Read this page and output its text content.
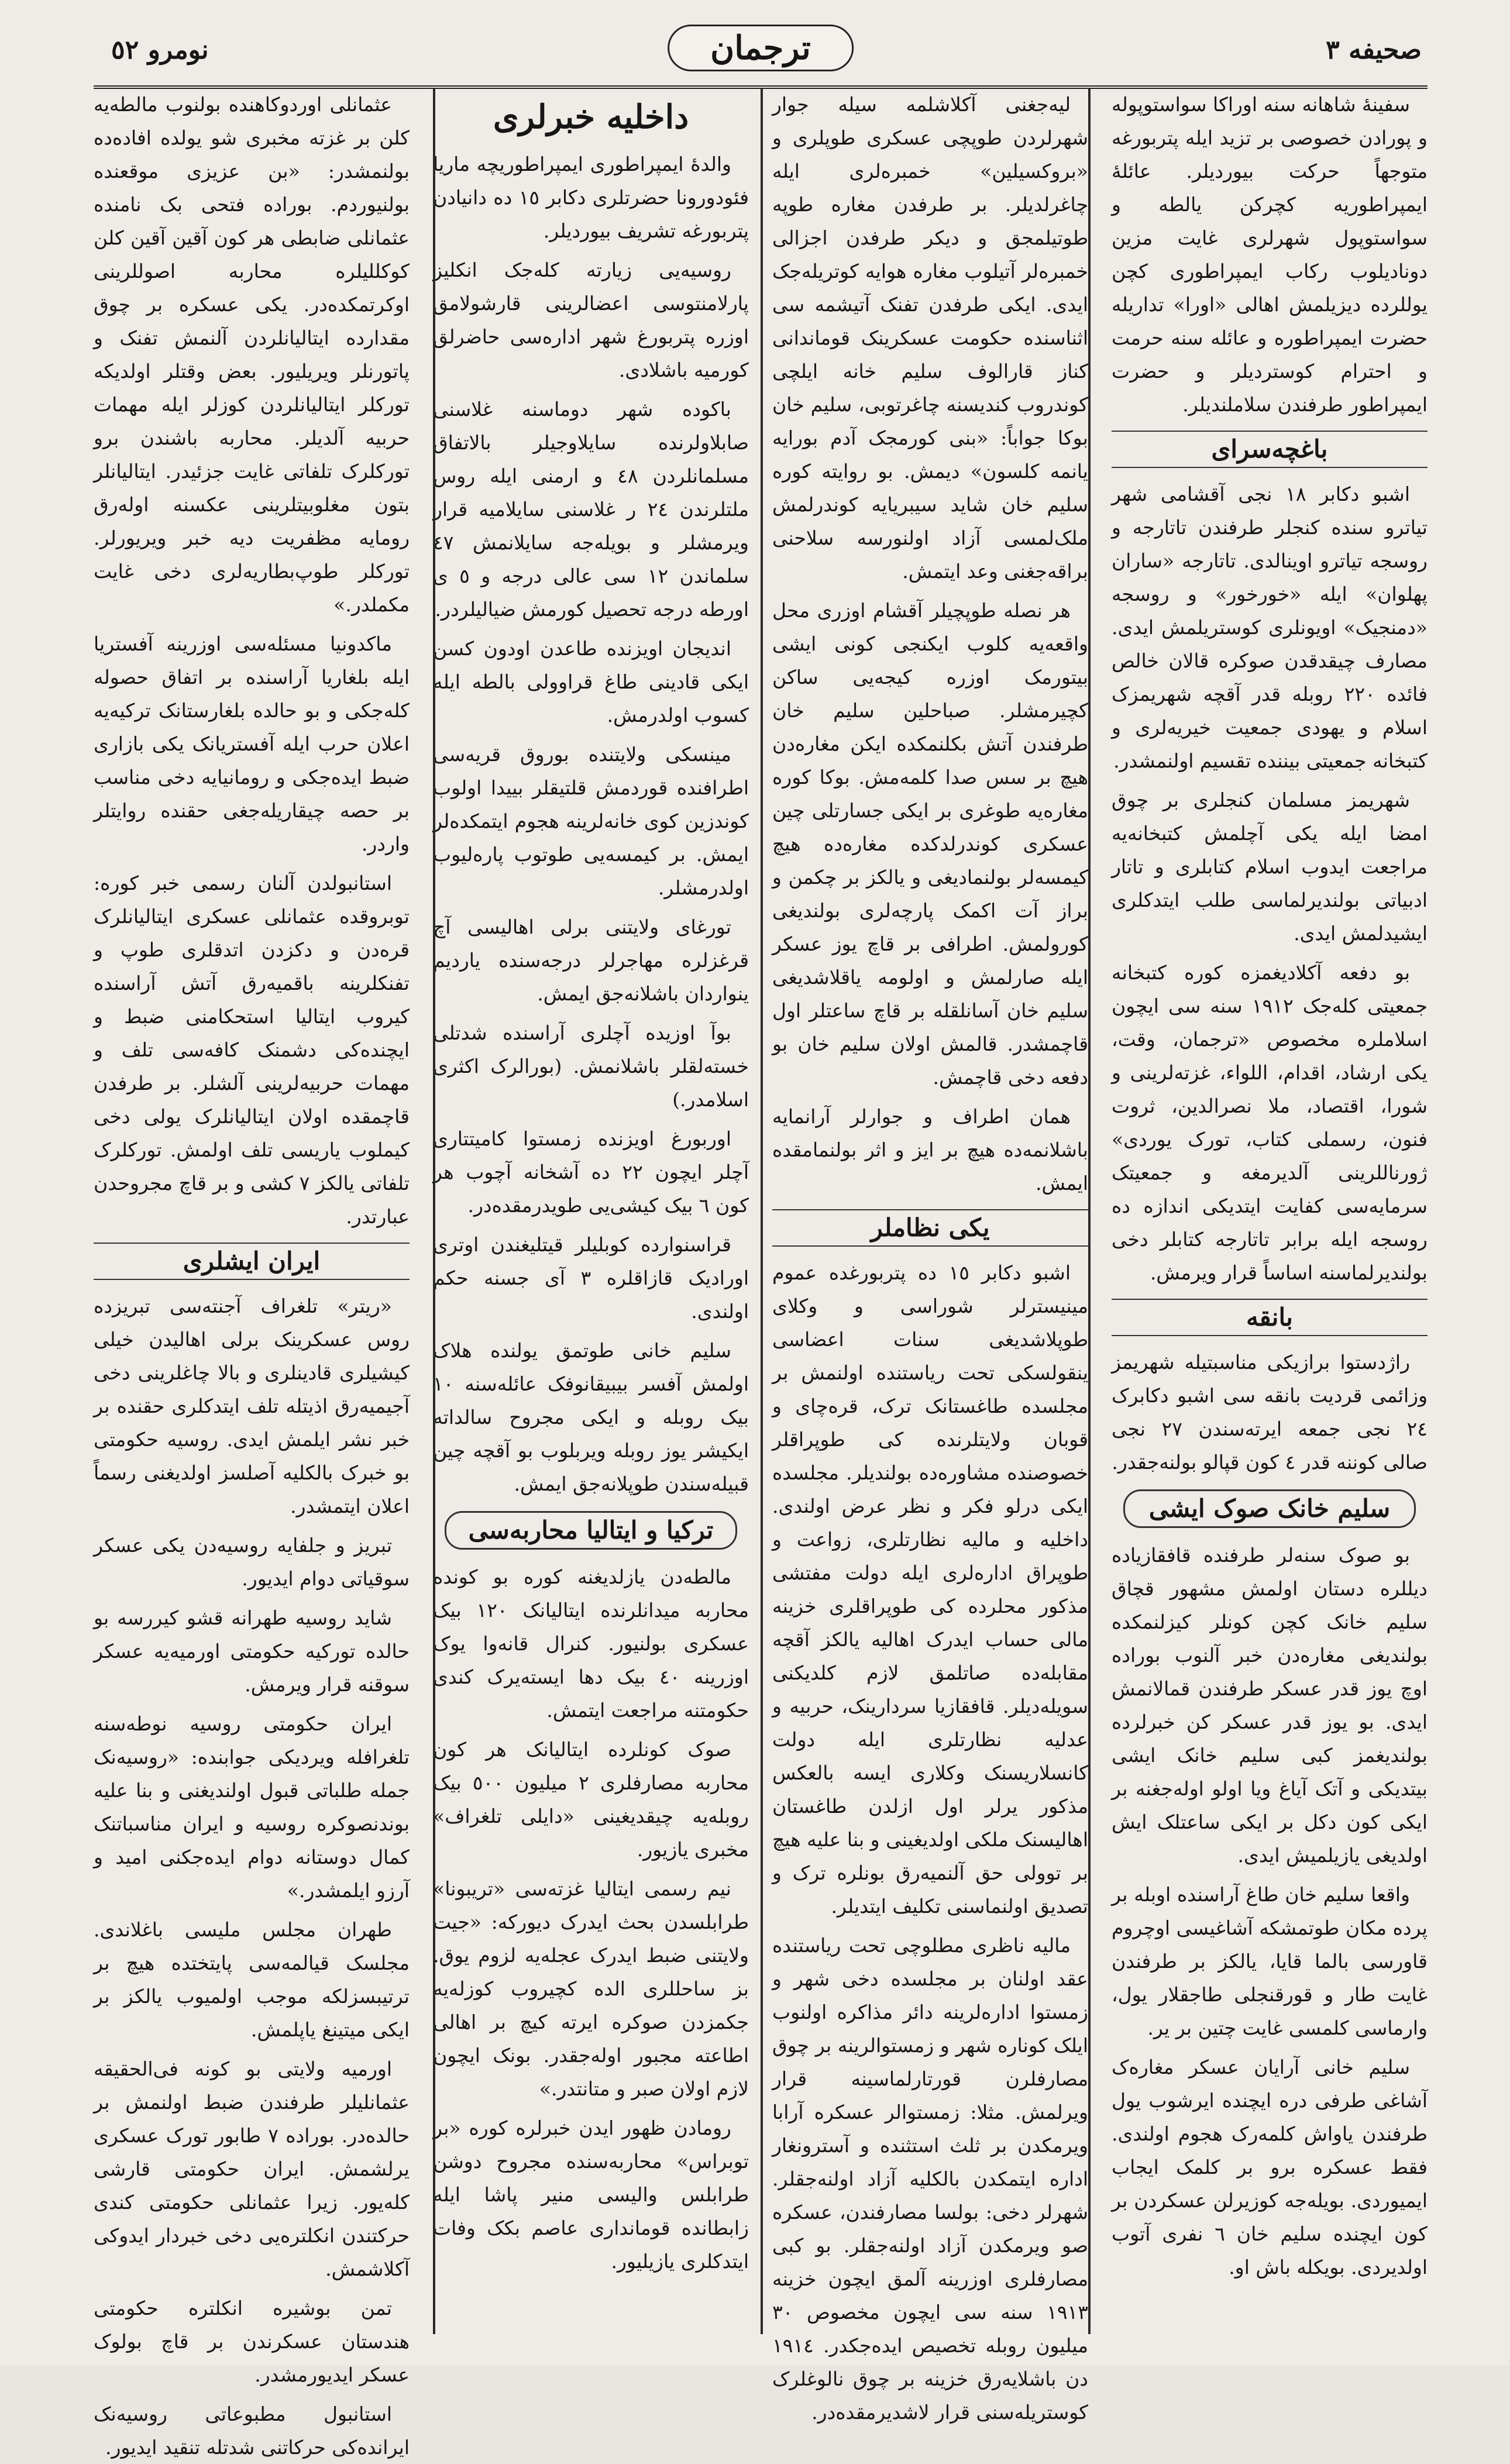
نومرو ٥٢	ترجمان	صحیفه ٣

سفینهٔ شاهانه سنه اوراکا سواستوپوله و پورادن خصوصی بر تزید ایله پتربورغه متوجهاً حرکت بیوردیلر. عائلهٔ ایمپراطوریه کچرکن یالطه و سواستوپول شهرلری غایت مزین دونادیلوب رکاب ایمپراطوری کچن یوللرده دیزیلمش اهالی «اورا» تداریله حضرت ایمپراطوره و عائله سنه حرمت و احترام کوستردیلر و حضرت ایمپراطور طرفندن سلاملندیلر.

باغچه‌سرای

اشبو دکابر ١٨ نجی آقشامی شهر تیاترو سنده کنجلر طرفندن تاتارجه و روسجه تیاترو اوینالدی. تاتارجه «ساران پهلوان» ایله «خورخور» و روسجه «دمنجیک» اویونلری کوستریلمش ایدی. مصارف چیقدقدن صوکره قالان خالص فائده ٢٢٠ روبله قدر آقچه شهریمزک اسلام و یهودی جمعیت خیریه‌لری و کتبخانه جمعیتی بیننده تقسیم اولنمشدر.

شهریمز مسلمان کنجلری بر چوق امضا ایله یکی آچلمش کتبخانه‌یه مراجعت ایدوب اسلام کتابلری و تاتار ادبیاتی بولندیرلماسی طلب ایتدکلری ایشیدلمش ایدی.

بو دفعه آکلادیغمزه کوره کتبخانه جمعیتی کله‌جک ١٩١٢ سنه سی ایچون اسلاملره مخصوص «ترجمان، وقت، یکی ارشاد، اقدام، اللواء، غزته‌لرینی و شورا، اقتصاد، ملا نصرالدین، ثروت فنون، رسملی کتاب، تورک یوردی» ژورناللرینی آلدیرمغه و جمعیتک سرمایه‌سی کفایت ایتدیکی اندازه ده روسجه ایله برابر تاتارجه کتابلر دخی بولندیرلماسنه اساساً قرار ویرمش.

بانقه

راژدستوا برازیکی مناسبتیله شهریمز وزائمی قردیت بانقه سی اشبو دکابرک ٢٤ نجی جمعه ایرته‌سندن ٢٧ نجی صالی کوننه قدر ٤ کون قپالو بولنه‌جقدر.

سلیم خانک صوک ایشی

بو صوک سنه‌لر طرفنده قافقازیاده دیللره دستان اولمش مشهور قچاق سلیم خانک کچن کونلر کیزلنمکده بولندیغی مغاره‌دن خبر آلنوب بوراده اوچ یوز قدر عسکر طرفندن قمالانمش ایدی. بو یوز قدر عسکر کن خبرلرده بولندیغمز کبی سلیم خانک ایشی بیتدیکی و آتک آیاغ ویا اولو اوله‌جغنه بر ایکی کون دکل بر ایکی ساعتلک ایش اولدیغی یازیلمیش ایدی.

واقعا سلیم خان طاغ آراسنده اوبله بر پرده مکان طوتمشکه آشاغیسی اوچروم قاورسی بالما قایا، یالکز بر طرفندن غایت طار و قورقنجلی طاجقلار یول، وارماسی کلمسی غایت چتین بر یر.

سلیم خانی آرایان عسکر مغاره‌ک آشاغی طرفی دره ایچنده ایرشوب یول طرفندن یاواش کلمه‌رک هجوم اولندی. فقط عسکره برو بر کلمک ایجاب ایمیوردی. بویله‌جه کوزیرلن عسکردن بر کون ایچنده سلیم خان ٦ نفری آتوب اولدیردی. بویکله باش او.

لیه‌جغنی آکلاشلمه سیله جوار شهرلردن طوپچی عسکری طوپلری و «بروکسیلین» خمبره‌لری ایله چاغرلدیلر. بر طرفدن مغاره طوپه طوتیلمجق و دیکر طرفدن اجزالی خمبره‌لر آتیلوب مغاره هوایه کوتریله‌جک ایدی. ایکی طرفدن تفنک آتیشمه سی اثناسنده حکومت عسکرینک قوماندانی کناز قارالوف سلیم خانه ایلچی کوندروب کندیسنه چاغرتوبی، سلیم خان بوکا جواباً: «بنی کورمجک آدم بورایه یانمه کلسون» دیمش. بو روایته کوره سلیم خان شاید سیبریایه کوندرلمش ملک‌لمسی آزاد اولنورسه سلاحنی براقه‌جغنی وعد ایتمش.

هر نصله طوپچیلر آقشام اوزری محل واقعه‌یه کلوب ایکنجی کونی ایشی بیتورمک اوزره کیجه‌یی ساکن کچیرمشلر. صباحلین سلیم خان طرفندن آتش بکلنمکده ایکن مغاره‌دن هیچ بر سس صدا کلمه‌مش. بوکا کوره مغاره‌یه طوغری بر ایکی جسارتلی چین عسکری کوندرلدکده مغاره‌ده هیچ کیمسه‌لر بولنمادیغی و یالکز بر چکمن و براز آت اکمک پارچه‌لری بولندیغی کورولمش. اطرافی بر قاچ یوز عسکر ایله صارلمش و اولومه یاقلاشدیغی سلیم خان آسانلقله بر قاچ ساعتلر اول قاچمشدر. قالمش اولان سلیم خان بو دفعه دخی قاچمش.

همان اطراف و جوارلر آرانمایه باشلانمه‌ده هیچ بر ایز و اثر بولنمامقده ایمش.

یکی نظاملر

اشبو دکابر ١٥ ده پتربورغده عموم مینیسترلر شوراسی و وکلای طوپلاشدیغی سنات اعضاسی ینقولسکی تحت ریاستنده اولنمش بر مجلسده طاغستانک ترک، قره‌چای و قوبان ولایتلرنده کی طوپراقلر خصوصنده مشاوره‌ده بولندیلر. مجلسده ایکی درلو فکر و نظر عرض اولندی. داخلیه و مالیه نظارتلری، زواعت و طوپراق اداره‌لری ایله دولت مفتشی مذکور محلرده کی طوپراقلری خزینه مالی حساب ایدرک اهالیه یالکز آقچه مقابله‌ده صاتلمق لازم کلدیکنی سویله‌دیلر. قافقازیا سردارینک، حربیه و عدلیه نظارتلری ایله دولت کانسلاریسنک وکلاری ایسه بالعکس مذکور یرلر اول ازلدن طاغستان اهالیسنک ملکی اولدیغینی و بنا علیه هیچ بر توولی حق آلنمیه‌رق بونلره ترک و تصدیق اولنماسنی تکلیف ایتدیلر.

مالیه ناظری مطلوچی تحت ریاستنده عقد اولنان بر مجلسده دخی شهر و زمستوا اداره‌لرینه دائر مذاکره اولنوب ایلک کوناره شهر و زمستوالرینه بر چوق مصارفلرن قورتارلماسینه قرار ویرلمش. مثلا: زمستوالر عسکره آرابا ویرمکدن بر ثلث استثنده و آسترونغار اداره ایتمکدن بالکلیه آزاد اولنه‌جقلر. شهرلر دخی: بولسا مصارفندن، عسکره صو ویرمکدن آزاد اولنه‌جقلر. بو کبی مصارفلری اوزرینه آلمق ایچون خزینه ١٩١٣ سنه سی ایچون مخصوص ٣٠ میلیون روبله تخصیص ایده‌جکدر. ١٩١٤ دن باشلایه‌رق خزینه بر چوق نالوغلرک کوستریله‌سنی قرار لاشدیرمقده‌در.

داخلیه خبرلری

والدهٔ ایمپراطوری ایمپراطوریچه ماریا فئودورونا حضرتلری دکابر ١٥ ده دانیادن پتربورغه تشریف بیوردیلر.

روسیه‌یی زیارته کله‌جک انکلیز پارلامنتوسی اعضالرینی قارشو‌لامق اوزره پتربورغ شهر اداره‌سی حاضرلق کورمیه باشلادی.

باکوده شهر دوماسنه غلاسنی صابلاولرنده سایلاوجیلر بالاتفاق مسلمانلردن ٤٨ و ارمنی ایله روس ملتلرندن ٢٤ ر غلاسنی سایلامیه قرار ویرمشلر و بویله‌جه سایلانمش ٤٧ سلماندن ١٢ سی عالی درجه و ٥ ی اورطه درجه تحصیل کورمش ضیالیلردر.

اندیجان اویزنده طاعدن اودون کسن ایکی قادینی طاغ قراوولی بالطه ایله کسوب اولدرمش.

مینسکی ولایتنده بوروق قریه‌سی اطرافنده قوردمش قلتیقلر بییدا اولوب کوندزین کوی خانه‌لرینه هجوم ایتمکده‌لر ایمش. بر کیمسه‌یی طوتوب پاره‌لیوب اولدرمشلر.

تورغای ولایتنی برلی اهالیسی آچ قرغزلره مهاجرلر درجه‌سنده یاردیم ینواردان باشلانه‌جق ایمش.

بوآ اوزیده آچلری آراسنده شدتلی خسته‌لقلر باشلانمش. (بورالرک اکثری اسلامدر.)

اوربورغ اویزنده زمستوا کامیتتاری آچلر ایچون ٢٢ ده آشخانه آچوب هر کون ٦ بیک کیشی‌یی طویدرمقده‌در.

قراسنوارده کوبلیلر قیتلیغندن اوتری اورادیک قازاقلره ٣ آی جسنه حکم اولندی.

سلیم خانی طوتمق یولنده هلاک اولمش آفسر بیبیقانوفک عائله‌سنه ١٠ بیک روبله و ایکی مجروح سالداته ایکیشر یوز روبله ویربلوب بو آقچه چین قبیله‌سندن طوپلانه‌جق ایمش.

ترکیا و ایتالیا محاربه‌سی

مالطه‌دن یازلدیغنه کوره بو کونده محاربه میدانلرنده ایتالیانک ١٢٠ بیک عسکری بولنیور. کنرال قانه‌وا یوک اوزرینه ٤٠ بیک دها ایسته‌یرک کندی حکومتنه مراجعت ایتمش.

صوک کونلرده ایتالیانک هر کون محاربه مصارفلری ٢ میلیون ٥٠٠ بیک روبله‌یه چیقدیغینی «دایلی تلغراف» مخبری یازیور.

نیم رسمی ایتالیا غزته‌سی «تریبونا» طرابلسدن بحث ایدرک دیورکه: «جیت ولایتنی ضبط ایدرک عجله‌یه لزوم یوق. بز ساحللری الده کچیروب کوزله‌یه جکمزدن صوکره ایرته کیچ بر اهالی اطاعته مجبور اوله‌جقدر. بونک ایچون لازم اولان صبر و متانتدر.»

رومادن ظهور ایدن خبرلره کوره «بر توبراس» محاربه‌سنده مجروح دوشن طرابلس والیسی منیر پاشا ایله زابطانده قومانداری عاصم بکک وفات ایتدکلری یازیلیور.

عثمانلی اوردوکاهنده بولنوب مالطه‌یه کلن بر غزته مخبری شو یولده افاده‌ده بولنمشدر: «بن عزیزی موقعنده بولنیوردم. بوراده فتحی بک نامنده عثمانلی ضابطی هر کون آقین آقین کلن کوکللیلره محاربه اصوللرینی اوکرتمکده‌در. یکی عسکره بر چوق مقدارده ایتالیانلردن آلنمش تفنک و پاتورنلر ویریلیور. بعض وقتلر اولدیکه تورکلر ایتالیانلردن کوزلر ایله مهمات حربیه آلدیلر. محاربه باشندن برو تورکلرک تلفاتی غایت جزئیدر. ایتالیانلر بتون مغلوبیتلرینی عکسنه اوله‌رق رومایه مظفریت دیه خبر ویریورلر. تورکلر طوپ‌بطاریه‌لری دخی غایت مکملدر.»

ماکدونیا مسئله‌سی اوزرینه آفستریا ایله بلغاریا آراسنده بر اتفاق حصوله کله‌جکی و بو حالده بلغارستانک ترکیه‌یه اعلان حرب ایله آفستریانک یکی بازاری ضبط ایده‌جکی و رومانیایه دخی مناسب بر حصه چیقاریله‌جغی حقنده روایتلر واردر.

استانبولدن آلنان رسمی خبر کوره: توبروقده عثمانلی عسکری ایتالیانلرک قره‌دن و دکزدن اتدقلری طوپ و تفنکلرینه باقمیه‌رق آتش آراسنده کیروب ایتالیا استحکامنی ضبط و ایچنده‌کی دشمنک کافه‌سی تلف و مهمات حربیه‌لرینی آلشلر. بر طرفدن قاچمقده اولان ایتالیانلرک یولی دخی کیملوب یاریسی تلف اولمش. تورکلرک تلفاتی یالکز ٧ کشی و بر قاچ مجروحدن عبارتدر.

ایران ایشلری

«ریتر» تلغراف آجنته‌سی تبریزده روس عسکرینک برلی اهالیدن خیلی کیشیلری قادینلری و بالا چاغلرینی دخی آجیمیه‌رق اذیتله تلف ایتدکلری حقنده بر خبر نشر ایلمش ایدی. روسیه حکومتی بو خبرک بالکلیه آصلسز اولدیغنی رسماً اعلان ایتمشدر.

تبریز و جلفایه روسیه‌دن یکی عسکر سوقیاتی دوام ایدیور.

شاید روسیه طهرانه قشو کیررسه بو حالده تورکیه حکومتی اورمیه‌یه عسکر سوقنه قرار ویرمش.

ایران حکومتی روسیه نوطه‌سنه تلغرافله ویردیکی جوابنده: «روسیه‌نک جمله طلباتی قبول اولندیغنی و بنا علیه بوندنصوکره روسیه و ایران مناسباتنک کمال دوستانه دوام ایده‌جکنی امید و آرزو ایلمشدر.»

طهران مجلس ملیسی باغلاندی. مجلسک قیالمه‌سی پایتختده هیچ بر ترتیبسزلکه موجب اولمیوب یالکز بر ایکی میتینغ یاپلمش.

اورمیه ولایتی بو کونه فی‌الحقیقه عثمانلیلر طرفندن ضبط اولنمش بر حالده‌در. بوراده ٧ طابور تورک عسکری یرلشمش. ایران حکومتی قارشی کله‌یور. زیرا عثمانلی حکومتی کندی حرکتندن انکلتره‌یی دخی خبردار ایدوکی آکلاشمش.

تمن بوشیره انکلتره حکومتی هندستان عسکرندن بر قاچ بولوک عسکر ایدیورمشدر.

استانبول مطبوعاتی روسیه‌نک ایرانده‌کی حرکاتنی شدتله تنقید ایدیور.
